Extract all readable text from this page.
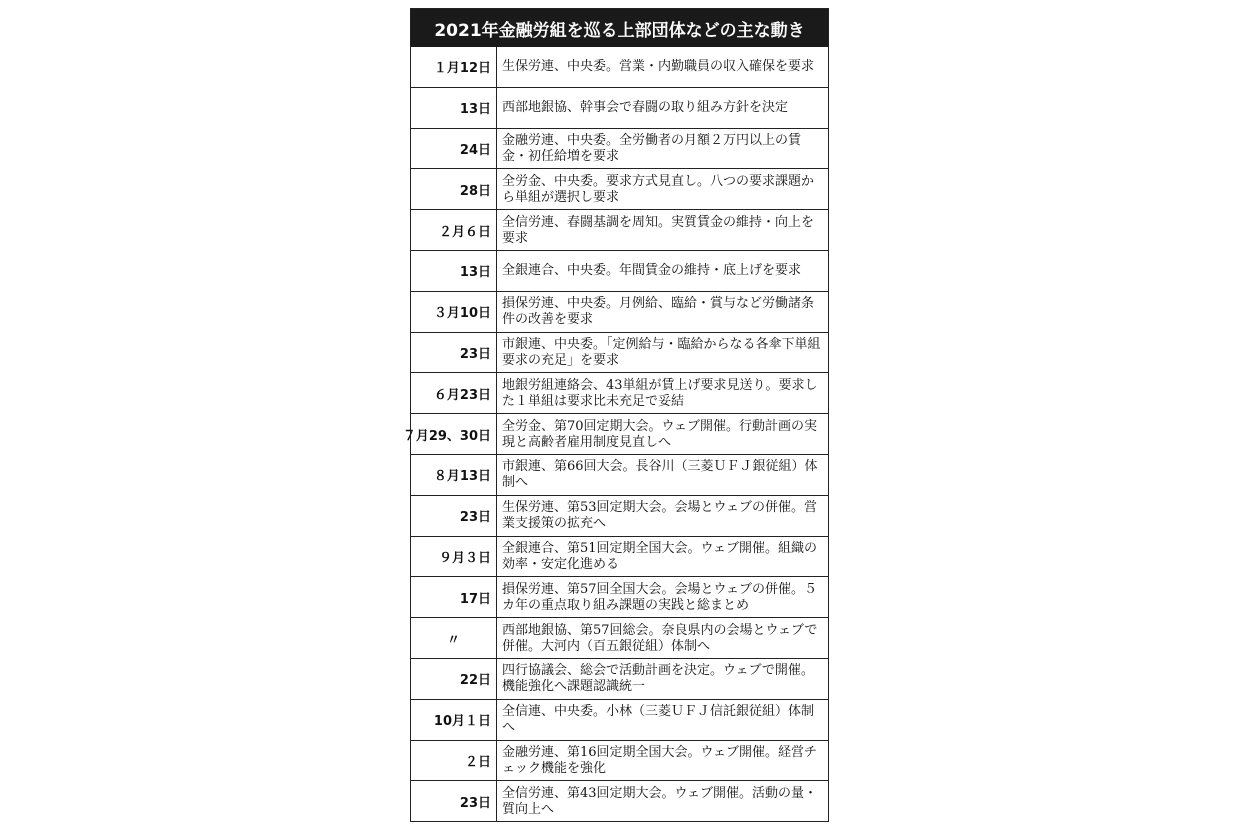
2021年金融労組を巡る上部団体などの主な動き
１月12日 生保労連、中央委。営業・内勤職員の収入確保を要求
13日 西部地銀協、幹事会で春闘の取り組み方針を決定
24日
金融労連、中央委。全労働者の月額２万円以上の賃金・初任給増を要求
28日
全労金、中央委。要求方式見直し。八つの要求課題から単組が選択し要求
２月６日
全信労連、春闘基調を周知。実質賃金の維持・向上を要求
13日 全銀連合、中央委。年間賃金の維持・底上げを要求
３月10日
損保労連、中央委。月例給、臨給・賞与など労働諸条件の改善を要求
23日
市銀連、中央委。「定例給与・臨給からなる各傘下単組要求の充足」を要求
６月23日
地銀労組連絡会、43単組が賃上げ要求見送り。要求した１単組は要求比未充足で妥結
７月29、30日
全労金、第70回定期大会。ウェブ開催。行動計画の実現と高齢者雇用制度見直しへ
８月13日
市銀連、第66回大会。長谷川（三菱ＵＦＪ銀従組）体制へ
23日
生保労連、第53回定期大会。会場とウェブの併催。営業支援策の拡充へ
９月３日
全銀連合、第51回定期全国大会。ウェブ開催。組織の効率・安定化進める
17日
損保労連、第57回全国大会。会場とウェブの併催。５カ年の重点取り組み課題の実践と総まとめ
〃
西部地銀協、第57回総会。奈良県内の会場とウェブで併催。大河内（百五銀従組）体制へ
22日
四行協議会、総会で活動計画を決定。ウェブで開催。機能強化へ課題認識統一
10月１日
全信連、中央委。小林（三菱ＵＦＪ信託銀従組）体制へ
２日
金融労連、第16回定期全国大会。ウェブ開催。経営チェック機能を強化
23日
全信労連、第43回定期大会。ウェブ開催。活動の量・質向上へ
